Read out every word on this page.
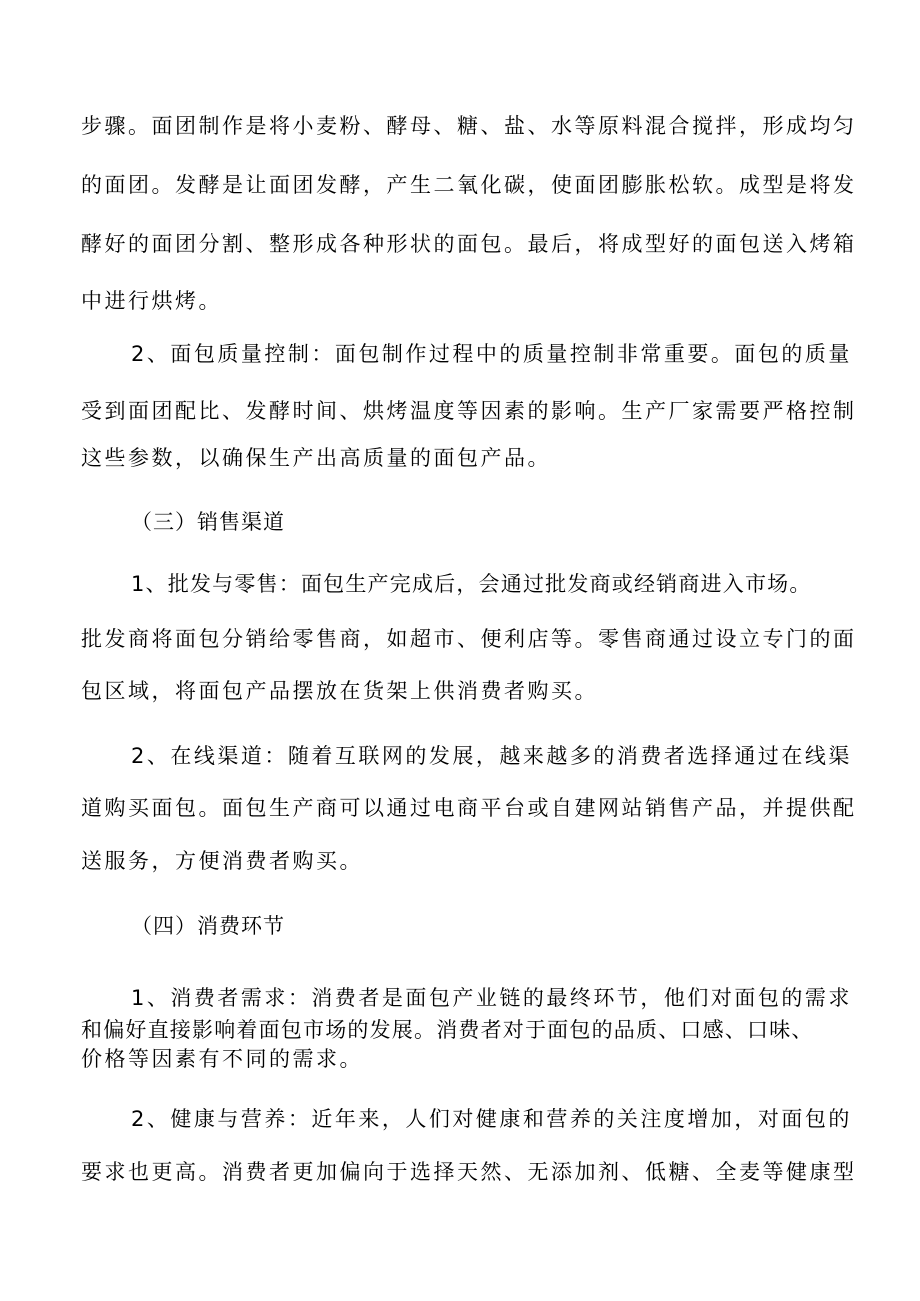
步骤。面团制作是将小麦粉、酵母、糖、盐、水等原料混合搅拌，形成均匀
的面团。发酵是让面团发酵，产生二氧化碳，使面团膨胀松软。成型是将发
酵好的面团分割、整形成各种形状的面包。最后，将成型好的面包送入烤箱
中进行烘烤。
2、面包质量控制：面包制作过程中的质量控制非常重要。面包的质量
受到面团配比、发酵时间、烘烤温度等因素的影响。生产厂家需要严格控制
这些参数，以确保生产出高质量的面包产品。
（三）销售渠道
1、批发与零售：面包生产完成后，会通过批发商或经销商进入市场。
批发商将面包分销给零售商，如超市、便利店等。零售商通过设立专门的面
包区域，将面包产品摆放在货架上供消费者购买。
2、在线渠道：随着互联网的发展，越来越多的消费者选择通过在线渠
道购买面包。面包生产商可以通过电商平台或自建网站销售产品，并提供配
送服务，方便消费者购买。
（四）消费环节
1、消费者需求：消费者是面包产业链的最终环节，他们对面包的需求
和偏好直接影响着面包市场的发展。消费者对于面包的品质、口感、口味、
价格等因素有不同的需求。
2、健康与营养：近年来，人们对健康和营养的关注度增加，对面包的
要求也更高。消费者更加偏向于选择天然、无添加剂、低糖、全麦等健康型
